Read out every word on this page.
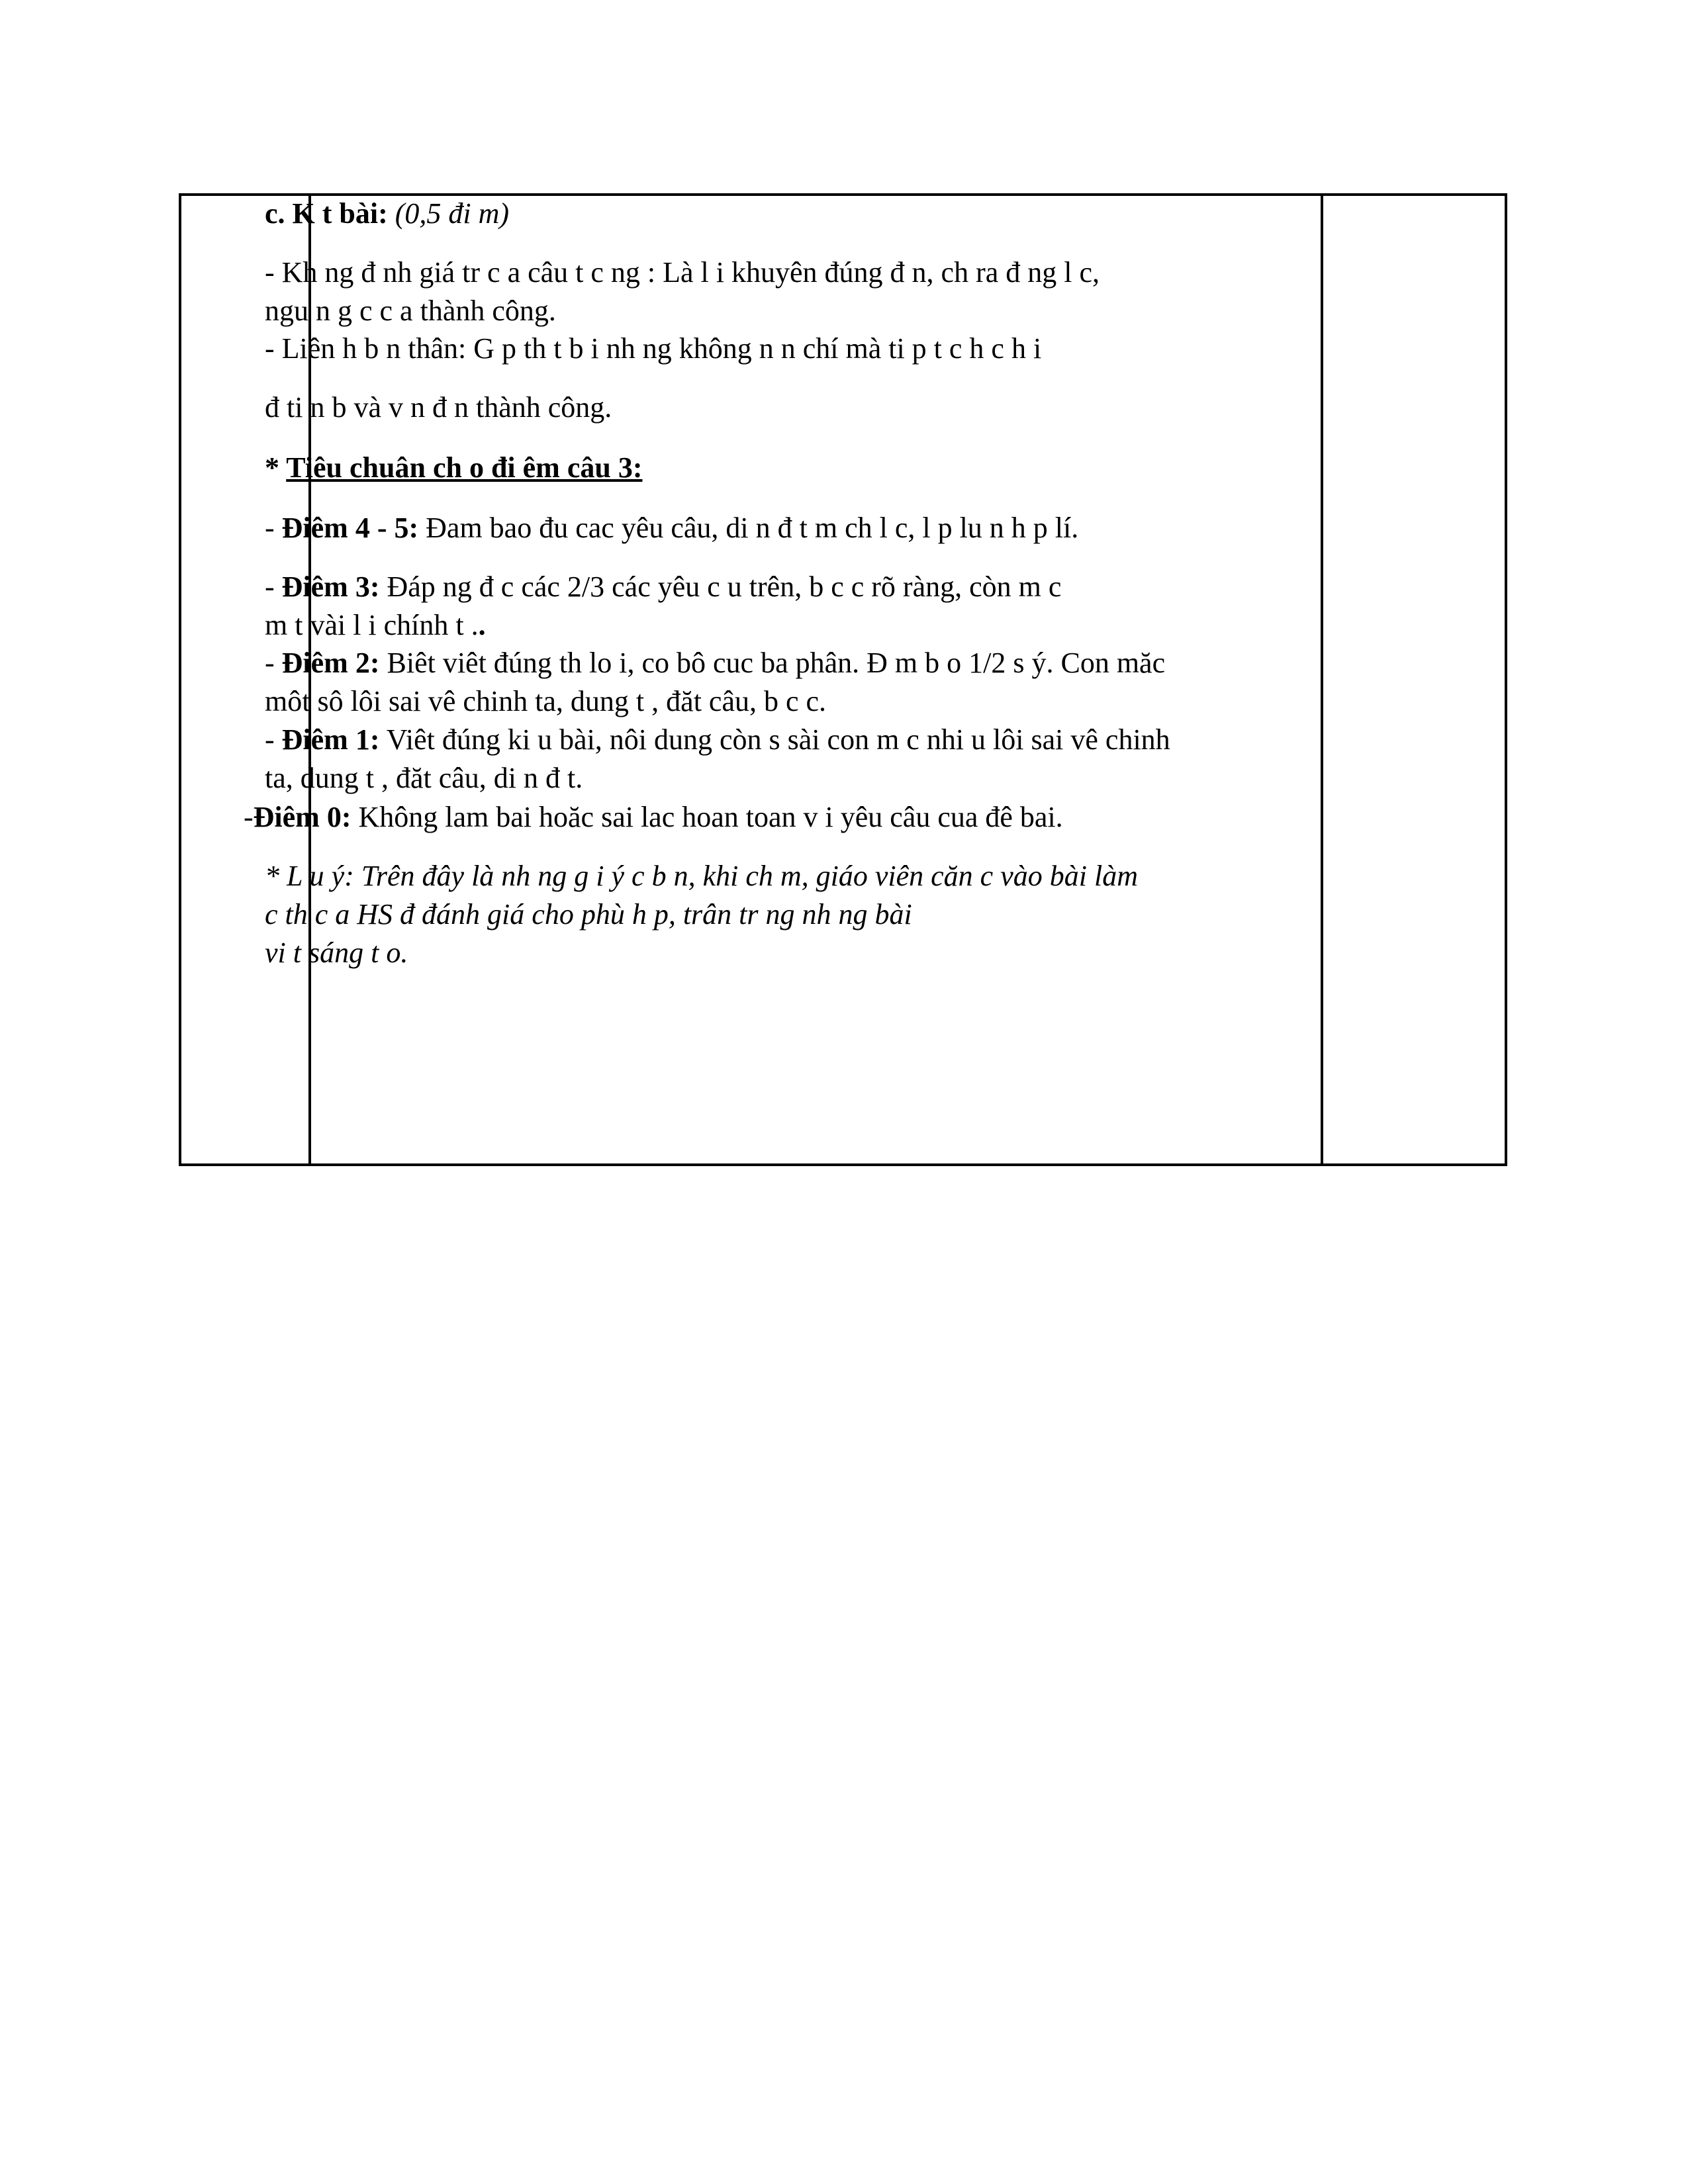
c. K t bài: (0,5 đi m)
- Kh ng đ nh giá tr c a câu t c ng : Là l i khuyên đúng đ n, ch ra đ ng l c,
ngu n g c c a thành công.
- Liên h b n thân: G p th t b i nh ng không n n chí mà ti p t c h c h i
đ ti n b và v n đ n thành công.
* Tiêu chuân ch o đi êm câu 3:
- Điêm 4 - 5: Đam bao đu cac yêu câu, di n đ t m ch l c, l p lu n h p lí.
- Điêm 3: Đáp ng đ c các 2/3 các yêu c u trên, b c c rõ ràng, còn m c
m t vài l i chính t ..
- Điêm 2: Biêt viêt đúng th lo i, co bô cuc ba phân. Đ m b o 1/2 s ý. Con măc
môt sô lôi sai vê chinh ta, dung t , đăt câu, b c c.
- Điêm 1: Viêt đúng ki u bài, nôi dung còn s sài con m c nhi u lôi sai vê chinh
ta, dung t , đăt câu, di n đ t.
-Điêm 0: Không lam bai hoăc sai lac hoan toan v i yêu câu cua đê bai.
* L u ý: Trên đây là nh ng g i ý c b n, khi ch m, giáo viên căn c vào bài làm
c th c a HS đ đánh giá cho phù h p, trân tr ng nh ng bài
vi t sáng t o.
